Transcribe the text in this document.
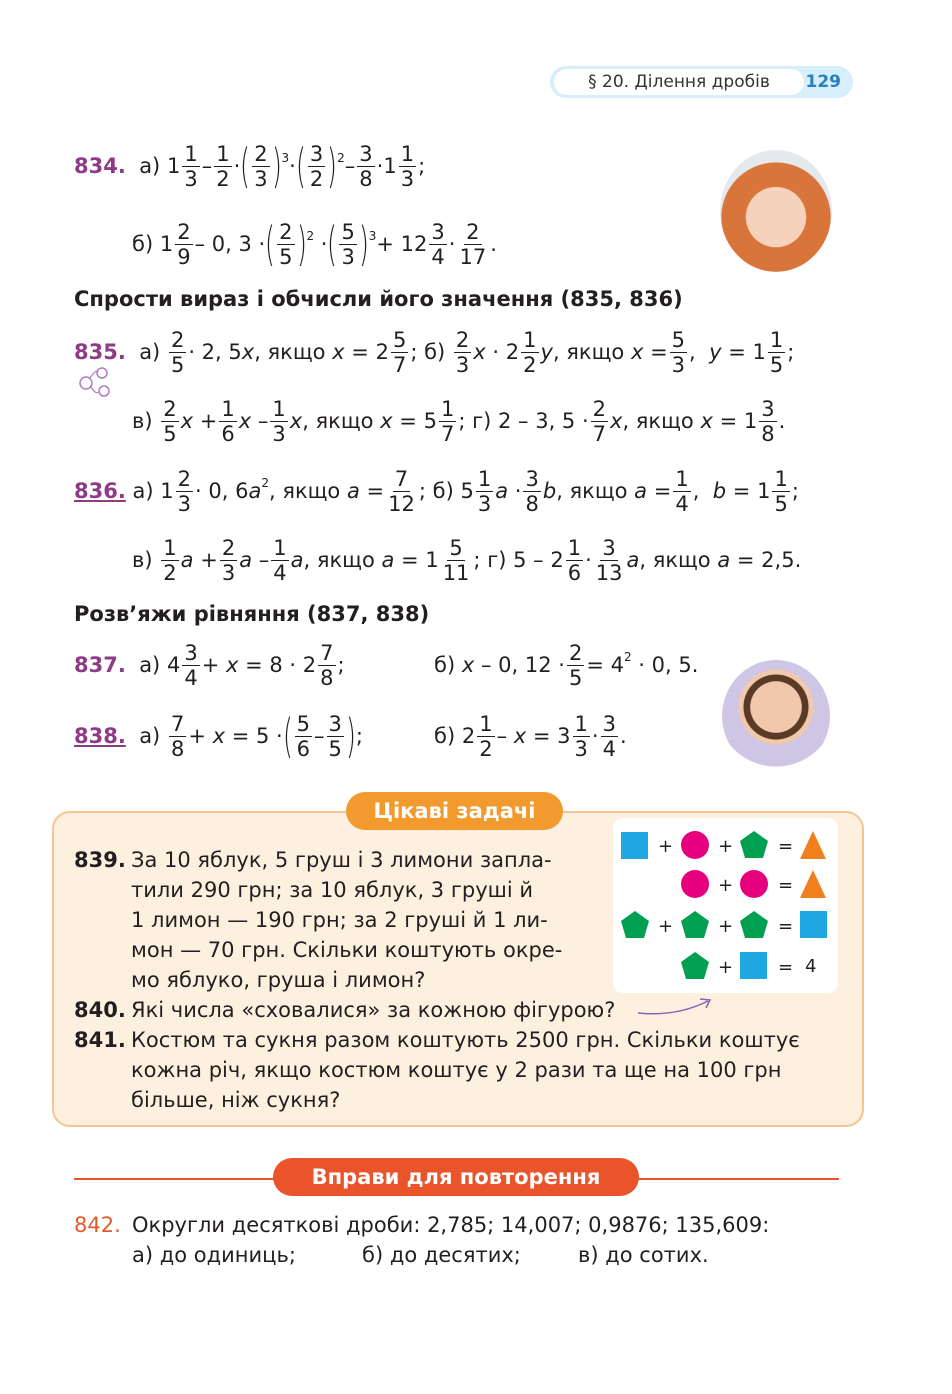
§ 20. Ділення дробів	129
834.
а)
$1 \frac{1}{3} - \frac{1}{2}$ · ( $\frac{2}{3}$ ) 3 · ( $\frac{3}{2}$ ) $2 - \frac{3}{8} \cdot 1 \frac{1}{3}$ ;
б)
$1 \frac{2}{9} - 0$, 3 · ( $\frac{2}{5}$ ) 2 · ( $\frac{5}{3}$ ) $3 + 12 \frac{3}{4} \cdot \frac{2}{17}$ .
Спрости вираз і обчисли його значення (835, 836)
835.
а)
$\frac{2}{5} \cdot 2$, 5 x , якщо
x
= $2 \frac{5}{7}$ ;
б)
$\frac{2}{3}$ x
· $2 \frac{1}{2}$ y , якщо
x
= $\frac{5}{3}$ ,
y
= $1 \frac{1}{5}$ ;
в)
$\frac{2}{5}$ x
+ $\frac{1}{6}$ x
– $\frac{1}{3}$ x , якщо
x
= $5 \frac{1}{7}$ ;
г)
2 – 3, $5 \cdot \frac{2}{7}$ x , якщо
x
= $1 \frac{3}{8}$ .
836.
а)
$1 \frac{2}{3} \cdot 0$, 6 a 2 , якщо
a
= $\frac{7}{12}$ ;
б)
$5 \frac{1}{3}$ a
· $\frac{3}{8}$ b , якщо
a
= $\frac{1}{4}$ ,
b
= $1 \frac{1}{5}$ ;
в)
$\frac{1}{2}$ a
+ $\frac{2}{3}$ a
– $\frac{1}{4}$ a , якщо
a
= $1 \frac{5}{11}$ ;
г)
$5 - 2 \frac{1}{6} \cdot \frac{3}{13}$ a , якщо
a
= 2,5.
Розв’яжи рівняння (837, 838)
837.
а)
$4 \frac{3}{4}$ +
x
= $8 \cdot 2 \frac{7}{8}$ ;	б)
x
– 0, $12 \cdot \frac{2}{5} = 4$ 2
· 0, 5.
838.
а)
$\frac{7}{8}$ +
x
= 5 · ( $\frac{5}{6} - \frac{3}{5}$ ) ;	б)
$2 \frac{1}{2}$ –
x
= $3 \frac{1}{3} \cdot \frac{3}{4}$ .
Цікаві задачі
+ + =
+ =
+ + =
+ = 4
839. За 10 яблук, 5 груш і 3 лимони запла-
тили 290 грн; за 10 яблук, 3 груші й
1 лимон — 190 грн; за 2 груші й 1 ли-
мон — 70 грн. Скільки коштують окре-
мо яблуко, груша і лимон?
840. Які числа «сховалися» за кожною фігурою?
841. Костюм та сукня разом коштують 2500 грн. Скільки коштує
кожна річ, якщо костюм коштує у 2 рази та ще на 100 грн
більше, ніж сукня?
Вправи для повторення
842. Округли десяткові дроби: 2,785; 14,007; 0,9876; 135,609:
а) до одиниць;	б) до десятих;	в) до сотих.
